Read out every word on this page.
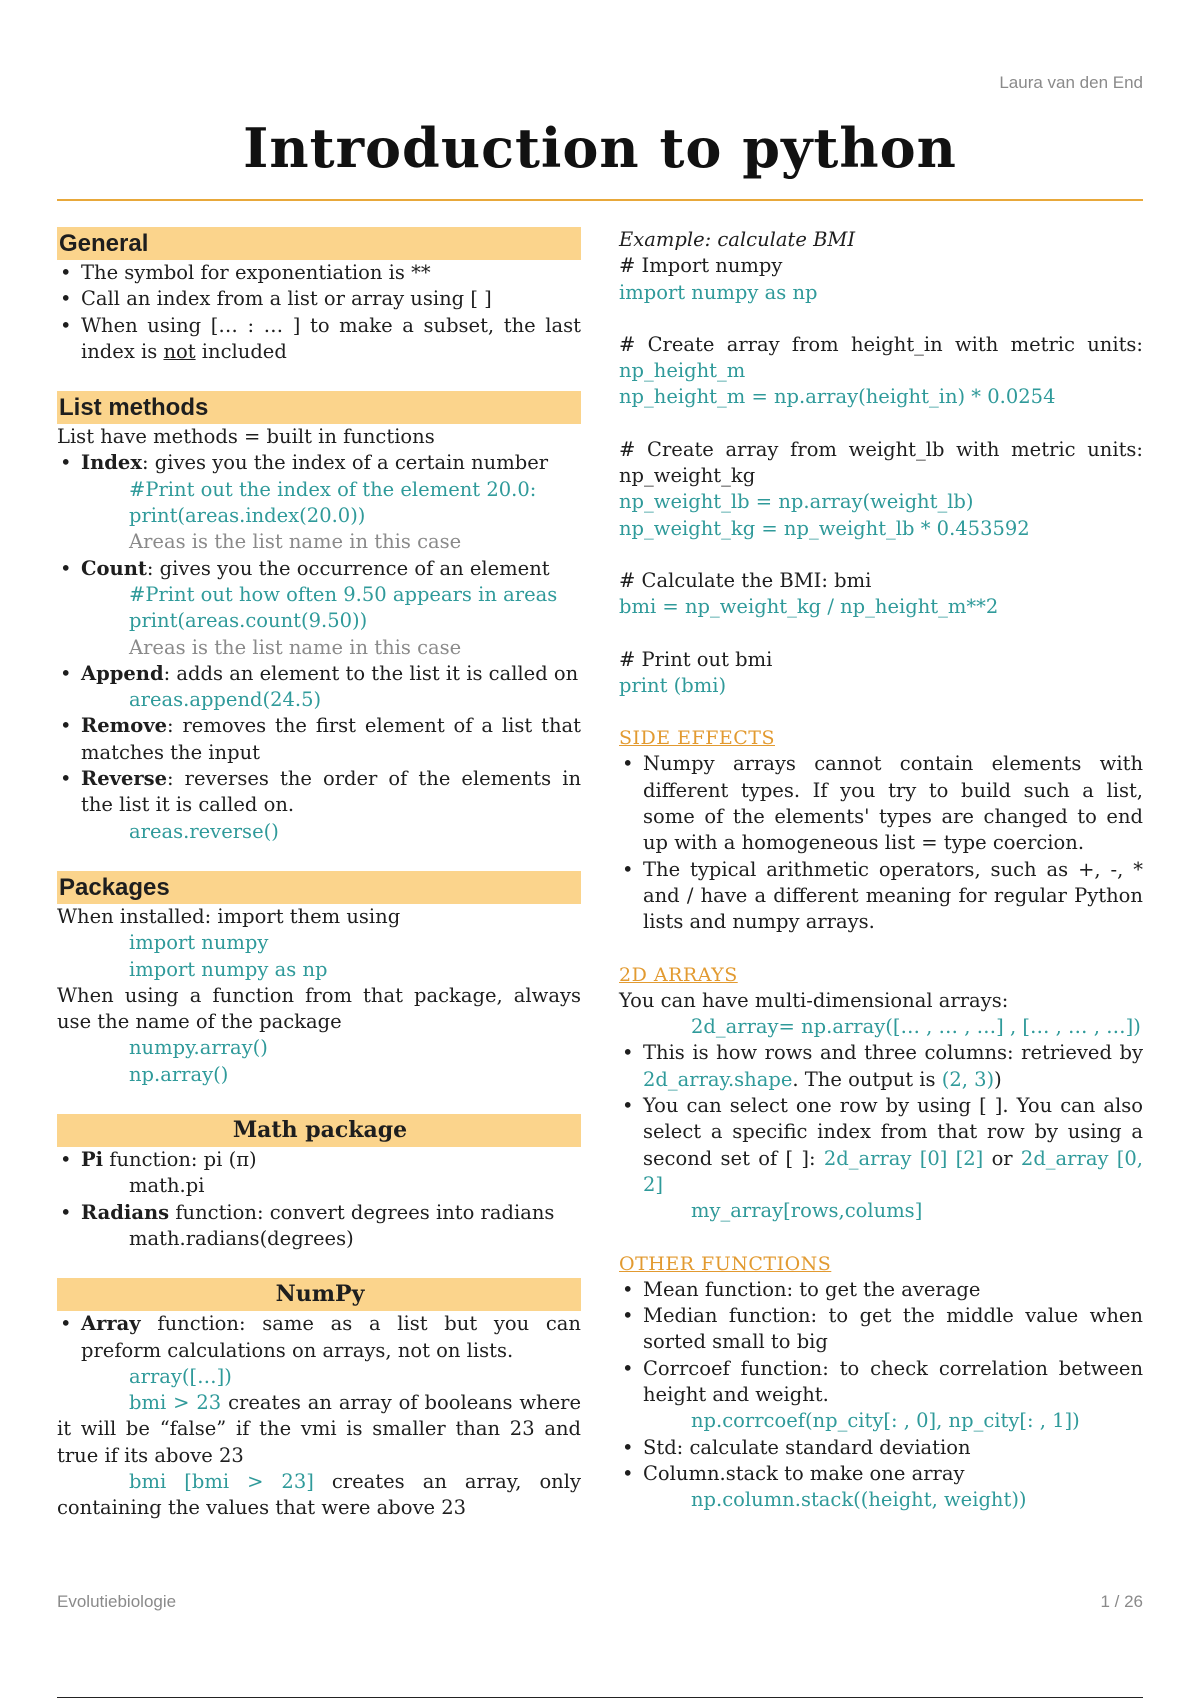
Laura van den End
Introduction to python
General
• The symbol for exponentiation is **
• Call an index from a list or array using [ ]
• When using [… : … ] to make a subset, the last index is not included
List methods
List have methods = built in functions
• Index: gives you the index of a certain number
#Print out the index of the element 20.0:
print(areas.index(20.0))
Areas is the list name in this case
• Count: gives you the occurrence of an element
#Print out how often 9.50 appears in areas
print(areas.count(9.50))
Areas is the list name in this case
• Append: adds an element to the list it is called on
areas.append(24.5)
• Remove: removes the first element of a list that matches the input
• Reverse: reverses the order of the elements in the list it is called on.
areas.reverse()
Packages
When installed: import them using
import numpy
import numpy as np
When using a function from that package, always use the name of the package
numpy.array()
np.array()
Math package
• Pi function: pi (π)
math.pi
• Radians function: convert degrees into radians
math.radians(degrees)
NumPy
• Array function: same as a list but you can preform calculations on arrays, not on lists.
array([…])
bmi > 23 creates an array of booleans where it will be “false” if the vmi is smaller than 23 and true if its above 23
bmi [bmi > 23] creates an array, only containing the values that were above 23
Example: calculate BMI
# Import numpy
import numpy as np
# Create array from height_in with metric units: np_height_m
np_height_m = np.array(height_in) * 0.0254
# Create array from weight_lb with metric units: np_weight_kg
np_weight_lb = np.array(weight_lb)
np_weight_kg = np_weight_lb * 0.453592
# Calculate the BMI: bmi
bmi = np_weight_kg / np_height_m**2
# Print out bmi
print (bmi)
SIDE EFFECTS
• Numpy arrays cannot contain elements with different types. If you try to build such a list, some of the elements' types are changed to end up with a homogeneous list = type coercion.
• The typical arithmetic operators, such as +, -, * and / have a different meaning for regular Python lists and numpy arrays.
2D ARRAYS
You can have multi-dimensional arrays:
2d_array= np.array([… , … , …] , [… , … , …])
• This is how rows and three columns: retrieved by 2d_array.shape. The output is (2, 3))
• You can select one row by using [ ]. You can also select a specific index from that row by using a second set of [ ]: 2d_array [0] [2] or 2d_array [0, 2]
my_array[rows,colums]
OTHER FUNCTIONS
• Mean function: to get the average
• Median function: to get the middle value when sorted small to big
• Corrcoef function: to check correlation between height and weight.
np.corrcoef(np_city[: , 0], np_city[: , 1])
• Std: calculate standard deviation
• Column.stack to make one array
np.column.stack((height, weight))
Evolutiebiologie	1 / 26
